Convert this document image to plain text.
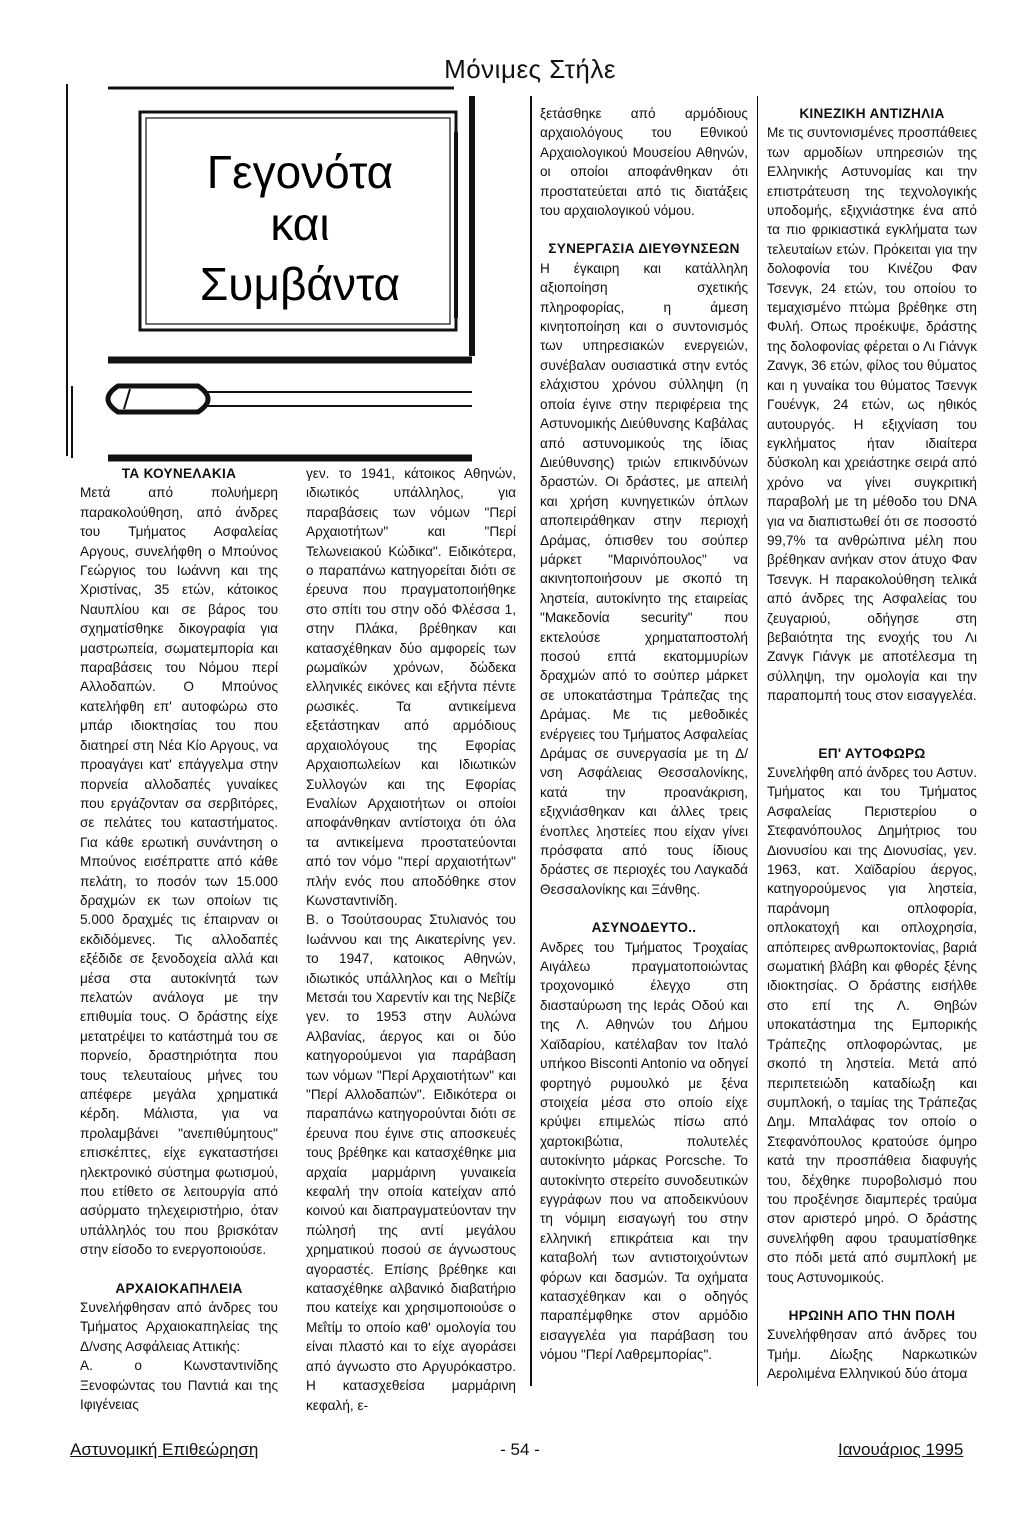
Μόνιμες Στήλε
Γεγονότα
και
Συμβάντα

ΤΑ ΚΟΥΝΕΛΑΚΙΑ

Μετά από πολυήμερη παρακολούθηση, από άνδρες του Τμήματος Ασφαλείας Αργους, συνελήφθη ο Μπούνος Γεώργιος του Ιωάννη και της Χριστίνας, 35 ετών, κάτοικος Ναυπλίου και σε βάρος του σχηματίσθηκε δικογραφία για μαστρωπεία, σωματεμπορία και παραβάσεις του Νόμου περί Αλλοδαπών. Ο Μπούνος κατελήφθη επ' αυτοφώρω στο μπάρ ιδιοκτησίας του που διατηρεί στη Νέα Κίο Αργους, να προαγάγει κατ' επάγγελμα στην πορνεία αλλοδαπές γυναίκες που εργάζονταν σα σερβιτόρες, σε πελάτες του καταστήματος. Για κάθε ερωτική συνάντηση ο Μπούνος εισέπραττε από κάθε πελάτη, το ποσόν των 15.000 δραχμών εκ των οποίων τις 5.000 δραχμές τις έπαιρναν οι εκδιδόμενες. Τις αλλοδαπές εξέδιδε σε ξενοδοχεία αλλά και μέσα στα αυτοκίνητά των πελατών ανάλογα με την επιθυμία τους. Ο δράστης είχε μετατρέψει το κατάστημά του σε πορνείο, δραστηριότητα που τους τελευταίους μήνες του απέφερε μεγάλα χρηματικά κέρδη. Μάλιστα, για να προλαμβάνει "ανεπιθύμητους" επισκέπτες, είχε εγκαταστήσει ηλεκτρονικό σύστημα φωτισμού, που ετίθετο σε λειτουργία από ασύρματο τηλεχειριστήριο, όταν υπάλληλός του που βρισκόταν στην είσοδο το ενεργοποιούσε.

ΑΡΧΑΙΟΚΑΠΗΛΕΙΑ

Συνελήφθησαν από άνδρες του Τμήματος Αρχαιοκαπηλείας της Δ/νσης Ασφάλειας Αττικής:

Α. ο Κωνσταντινίδης Ξενοφώντας του Παντιά και της Ιφιγένειας

γεν. το 1941, κάτοικος Αθηνών, ιδιωτικός υπάλληλος, για παραβάσεις των νόμων "Περί Αρχαιοτήτων" και "Περί Τελωνειακού Κώδικα". Ειδικότερα, ο παραπάνω κατηγορείται διότι σε έρευνα που πραγματοποιήθηκε στο σπίτι του στην οδό Φλέσσα 1, στην Πλάκα, βρέθηκαν και κατασχέθηκαν δύο αμφορείς των ρωμαϊκών χρόνων, δώδεκα ελληνικές εικόνες και εξήντα πέντε ρωσικές. Τα αντικείμενα εξετάστηκαν από αρμόδιους αρχαιολόγους της Εφορίας Αρχαιοπωλείων και Ιδιωτικών Συλλογών και της Εφορίας Εναλίων Αρχαιοτήτων οι οποίοι αποφάνθηκαν αντίστοιχα ότι όλα τα αντικείμενα προστατεύονται από τον νόμο "περί αρχαιοτήτων" πλήν ενός που αποδόθηκε στον Κωνσταντινίδη.

Β. ο Τσούτσουρας Στυλιανός του Ιωάννου και της Αικατερίνης γεν. το 1947, κατοικος Αθηνών, ιδιωτικός υπάλληλος και ο Μεΐτίμ Μετσάι του Χαρεντίν και της Νεβίζε γεν. το 1953 στην Αυλώνα Αλβανίας, άεργος και οι δύο κατηγορούμενοι για παράβαση των νόμων "Περί Αρχαιοτήτων" και "Περί Αλλοδαπών". Ειδικότερα οι παραπάνω κατηγορούνται διότι σε έρευνα που έγινε στις αποσκευές τους βρέθηκε και κατασχέθηκε μια αρχαία μαρμάρινη γυναικεία κεφαλή την οποία κατείχαν από κοινού και διαπραγματεύονταν την πώλησή της αντί μεγάλου χρηματικού ποσού σε άγνωστους αγοραστές. Επίσης βρέθηκε και κατασχέθηκε αλβανικό διαβατήριο που κατείχε και χρησιμοποιούσε ο Μεΐτίμ το οποίο καθ' ομολογία του είναι πλαστό και το είχε αγοράσει από άγνωστο στο Αργυρόκαστρο. Η κατασχεθείσα μαρμάρινη κεφαλή, ε-

ξετάσθηκε από αρμόδιους αρχαιολόγους του Εθνικού Αρχαιολογικού Μουσείου Αθηνών, οι οποίοι αποφάνθηκαν ότι προστατεύεται από τις διατάξεις του αρχαιολογικού νόμου.

ΣΥΝΕΡΓΑΣΙΑ ΔΙΕΥΘΥΝΣΕΩΝ

Η έγκαιρη και κατάλληλη αξιοποίηση σχετικής πληροφορίας, η άμεση κινητοποίηση και ο συντονισμός των υπηρεσιακών ενεργειών, συνέβαλαν ουσιαστικά στην εντός ελάχιστου χρόνου σύλληψη (η οποία έγινε στην περιφέρεια της Αστυνομικής Διεύθυνσης Καβάλας από αστυνομικούς της ίδιας Διεύθυνσης) τριών επικινδύνων δραστών. Οι δράστες, με απειλή και χρήση κυνηγετικών όπλων αποπειράθηκαν στην περιοχή Δράμας, όπισθεν του σούπερ μάρκετ "Μαρινόπουλος" να ακινητοποιήσουν με σκοπό τη ληστεία, αυτοκίνητο της εταιρείας "Μακεδονία security" που εκτελούσε χρηματαποστολή ποσού επτά εκατομμυρίων δραχμών από το σούπερ μάρκετ σε υποκατάστημα Τράπεζας της Δράμας. Με τις μεθοδικές ενέργειες του Τμήματος Ασφαλείας Δράμας σε συνεργασία με τη Δ/νση Ασφάλειας Θεσσαλονίκης, κατά την προανάκριση, εξιχνιάσθηκαν και άλλες τρεις ένοπλες ληστείες που είχαν γίνει πρόσφατα από τους ίδιους δράστες σε περιοχές του Λαγκαδά Θεσσαλονίκης και Ξάνθης.

ΑΣΥΝΟΔΕΥΤΟ..

Ανδρες του Τμήματος Τροχαίας Αιγάλεω πραγματοποιώντας τροχονομικό έλεγχο στη διασταύρωση της Ιεράς Οδού και της Λ. Αθηνών του Δήμου Χαϊδαρίου, κατέλαβαν τον Ιταλό υπήκοο Bisconti Antonio να οδηγεί φορτηγό ρυμουλκό με ξένα στοιχεία μέσα στο οποίο είχε κρύψει επιμελώς πίσω από χαρτοκιβώτια, πολυτελές αυτοκίνητο μάρκας Porcsche. Το αυτοκίνητο στερείτο συνοδευτικών εγγράφων που να αποδεικνύουν τη νόμιμη εισαγωγή του στην ελληνική επικράτεια και την καταβολή των αντιστοιχούντων φόρων και δασμών. Τα οχήματα κατασχέθηκαν και ο οδηγός παραπέμφθηκε στον αρμόδιο εισαγγελέα για παράβαση του νόμου "Περί Λαθρεμπορίας".

ΚΙΝΕΖΙΚΗ ΑΝΤΙΖΗΛΙΑ

Με τις συντονισμένες προσπάθειες των αρμοδίων υπηρεσιών της Ελληνικής Αστυνομίας και την επιστράτευση της τεχνολογικής υποδομής, εξιχνιάστηκε ένα από τα πιο φρικιαστικά εγκλήματα των τελευταίων ετών. Πρόκειται για την δολοφονία του Κινέζου Φαν Τσενγκ, 24 ετών, του οποίου το τεμαχισμένο πτώμα βρέθηκε στη Φυλή. Οπως προέκυψε, δράστης της δολοφονίας φέρεται ο Λι Γιάνγκ Ζανγκ, 36 ετών, φίλος του θύματος και η γυναίκα του θύματος Τσενγκ Γουένγκ, 24 ετών, ως ηθικός αυτουργός. Η εξιχνίαση του εγκλήματος ήταν ιδιαίτερα δύσκολη και χρειάστηκε σειρά από χρόνο να γίνει συγκριτική παραβολή με τη μέθοδο του DNA για να διαπιστωθεί ότι σε ποσοστό 99,7% τα ανθρώπινα μέλη που βρέθηκαν ανήκαν στον άτυχο Φαν Τσενγκ. Η παρακολούθηση τελικά από άνδρες της Ασφαλείας του ζευγαριού, οδήγησε στη βεβαιότητα της ενοχής του Λι Ζανγκ Γιάνγκ με αποτέλεσμα τη σύλληψη, την ομολογία και την παραπομπή τους στον εισαγγελέα.

ΕΠ' ΑΥΤΟΦΩΡΩ

Συνελήφθη από άνδρες του Αστυν. Τμήματος και του Τμήματος Ασφαλείας Περιστερίου ο Στεφανόπουλος Δημήτριος του Διονυσίου και της Διονυσίας, γεν. 1963, κατ. Χαϊδαρίου άεργος, κατηγορούμενος για ληστεία, παράνομη οπλοφορία, οπλοκατοχή και οπλοχρησία, απόπειρες ανθρωποκτονίας, βαριά σωματική βλάβη και φθορές ξένης ιδιοκτησίας. Ο δράστης εισήλθε στο επί της Λ. Θηβών υποκατάστημα της Εμπορικής Τράπεζης οπλοφορώντας, με σκοπό τη ληστεία. Μετά από περιπετειώδη καταδίωξη και συμπλοκή, ο ταμίας της Τράπεζας Δημ. Μπαλάφας τον οποίο ο Στεφανόπουλος κρατούσε όμηρο κατά την προσπάθεια διαφυγής του, δέχθηκε πυροβολισμό που του προξένησε διαμπερές τραύμα στον αριστερό μηρό. Ο δράστης συνελήφθη αφου τραυματίσθηκε στο πόδι μετά από συμπλοκή με τους Αστυνομικούς.

ΗΡΩΙΝΗ ΑΠΟ ΤΗΝ ΠΟΛΗ

Συνελήφθησαν από άνδρες του Τμήμ. Δίωξης Ναρκωτικών Αερολιμένα Ελληνικού δύο άτομα

Αστυνομική Επιθεώρηση	- 54 -	Ιανουάριος 1995
